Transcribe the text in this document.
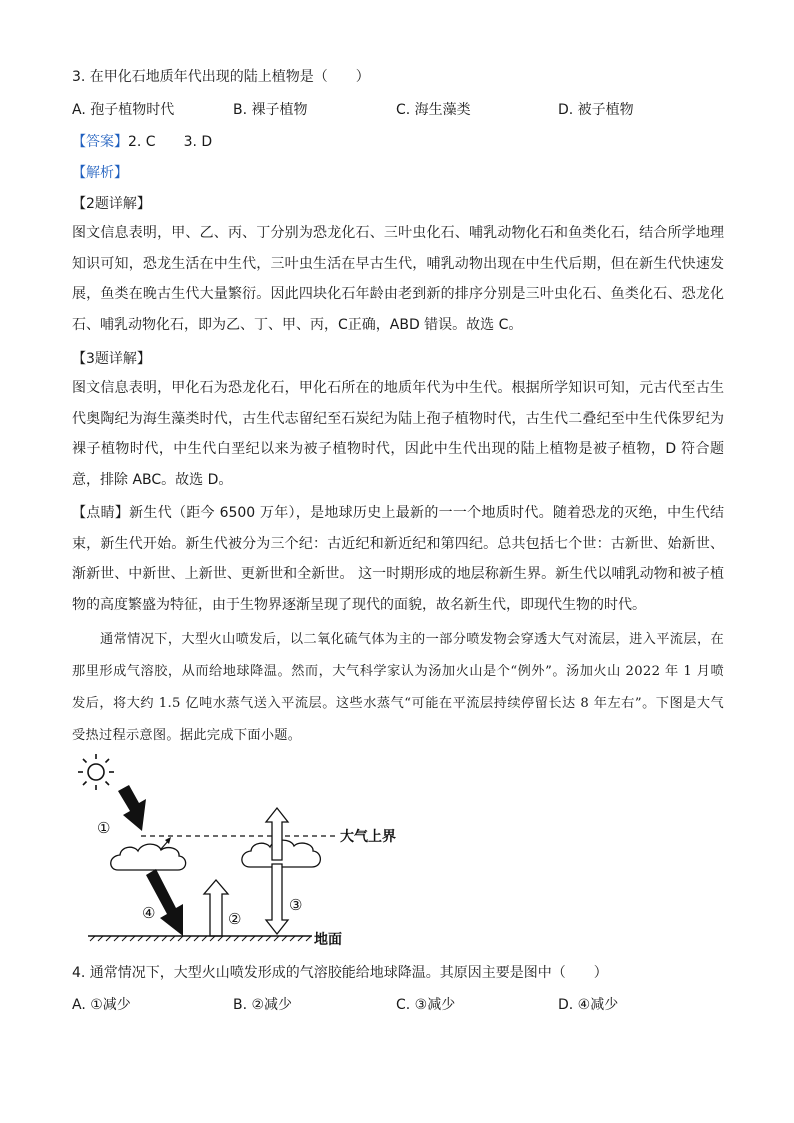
3. 在甲化石地质年代出现的陆上植物是（　　）
A. 孢子植物时代	B. 裸子植物	C. 海生藻类	D. 被子植物
【答案】2. C　　3. D
【解析】
【2题详解】
图文信息表明，甲、乙、丙、丁分别为恐龙化石、三叶虫化石、哺乳动物化石和鱼类化石，结合所学地理知识可知，恐龙生活在中生代，三叶虫生活在早古生代，哺乳动物出现在中生代后期，但在新生代快速发展，鱼类在晚古生代大量繁衍。因此四块化石年龄由老到新的排序分别是三叶虫化石、鱼类化石、恐龙化石、哺乳动物化石，即为乙、丁、甲、丙，C正确，ABD 错误。故选 C。
【3题详解】
图文信息表明，甲化石为恐龙化石，甲化石所在的地质年代为中生代。根据所学知识可知，元古代至古生代奥陶纪为海生藻类时代，古生代志留纪至石炭纪为陆上孢子植物时代，古生代二叠纪至中生代侏罗纪为裸子植物时代，中生代白垩纪以来为被子植物时代，因此中生代出现的陆上植物是被子植物，D 符合题意，排除 ABC。故选 D。
【点睛】新生代（距今 6500 万年），是地球历史上最新的一一个地质时代。随着恐龙的灭绝，中生代结束，新生代开始。新生代被分为三个纪：古近纪和新近纪和第四纪。总共包括七个世：古新世、始新世、渐新世、中新世、上新世、更新世和全新世。 这一时期形成的地层称新生界。新生代以哺乳动物和被子植物的高度繁盛为特征，由于生物界逐渐呈现了现代的面貌，故名新生代，即现代生物的时代。
通常情况下，大型火山喷发后，以二氧化硫气体为主的一部分喷发物会穿透大气对流层，进入平流层，在那里形成气溶胶，从而给地球降温。然而，大气科学家认为汤加火山是个“例外”。汤加火山 2022 年 1 月喷发后，将大约 1.5 亿吨水蒸气送入平流层。这些水蒸气“可能在平流层持续停留长达 8 年左右”。下图是大气受热过程示意图。据此完成下面小题。
大气上界
地面
①
②
③
④
4. 通常情况下，大型火山喷发形成的气溶胶能给地球降温。其原因主要是图中（　　）
A. ①减少	B. ②减少	C. ③减少	D. ④减少
